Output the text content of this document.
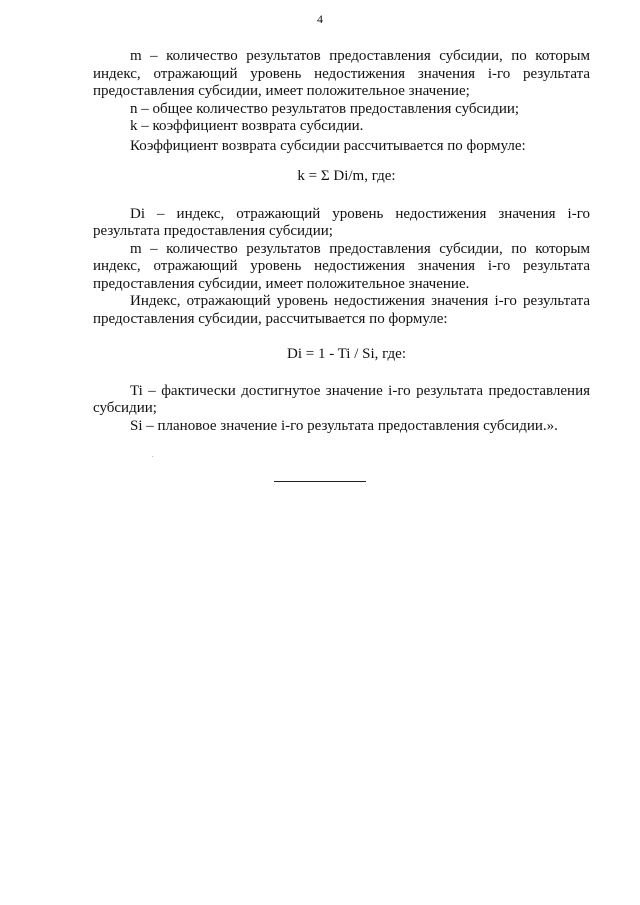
4

m – количество результатов предоставления субсидии, по которым индекс, отражающий уровень недостижения значения i-го результата предоставления субсидии, имеет положительное значение;

n – общее количество результатов предоставления субсидии;

k – коэффициент возврата субсидии.

Коэффициент возврата субсидии рассчитывается по формуле:

k = Σ Di/m, где:

Di – индекс, отражающий уровень недостижения значения i-го результата предоставления субсидии;

m – количество результатов предоставления субсидии, по которым индекс, отражающий уровень недостижения значения i-го результата предоставления субсидии, имеет положительное значение.

Индекс, отражающий уровень недостижения значения i-го результата предоставления субсидии, рассчитывается по формуле:

Di = 1 - Ti / Si, где:

Ti – фактически достигнутое значение i-го результата предоставления субсидии;

Si – плановое значение i-го результата предоставления субсидии.».
